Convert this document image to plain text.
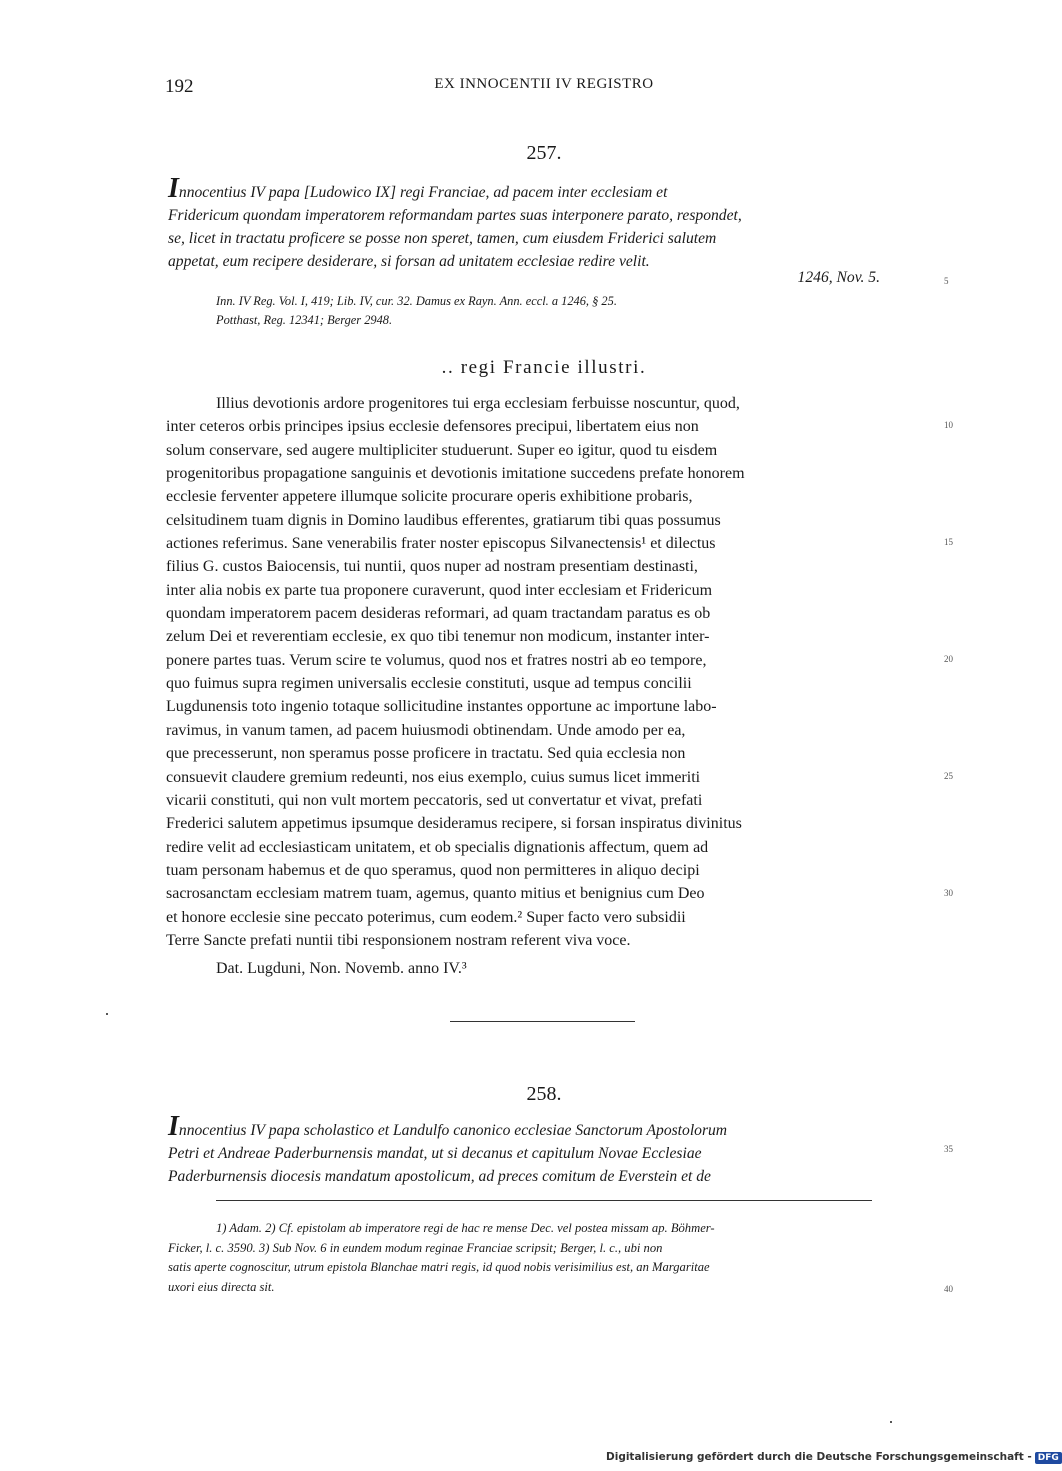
192	EX INNOCENTII IV REGISTRO
257.

Innocentius IV papa [Ludowico IX] regi Franciae, ad pacem inter ecclesiam et

Fridericum quondam imperatorem reformandam partes suas interponere parato, respondet,

se, licet in tractatu proficere se posse non speret, tamen, cum eiusdem Friderici salutem

appetat, eum recipere desiderare, si forsan ad unitatem ecclesiae redire velit.

1246, Nov. 5.

Inn. IV Reg. Vol. I, 419; Lib. IV, cur. 32. Damus ex Rayn. Ann. eccl. a 1246, § 25.

Potthast, Reg. 12341; Berger 2948.

.. regi Francie illustri.

Illius devotionis ardore progenitores tui erga ecclesiam ferbuisse noscuntur, quod,

inter ceteros orbis principes ipsius ecclesie defensores precipui, libertatem eius non

solum conservare, sed augere multipliciter studuerunt. Super eo igitur, quod tu eisdem

progenitoribus propagatione sanguinis et devotionis imitatione succedens prefate honorem

ecclesie ferventer appetere illumque solicite procurare operis exhibitione probaris,

celsitudinem tuam dignis in Domino laudibus efferentes, gratiarum tibi quas possumus

actiones referimus. Sane venerabilis frater noster episcopus Silvanectensis¹ et dilectus

filius G. custos Baiocensis, tui nuntii, quos nuper ad nostram presentiam destinasti,

inter alia nobis ex parte tua proponere curaverunt, quod inter ecclesiam et Fridericum

quondam imperatorem pacem desideras reformari, ad quam tractandam paratus es ob

zelum Dei et reverentiam ecclesie, ex quo tibi tenemur non modicum, instanter inter-

ponere partes tuas. Verum scire te volumus, quod nos et fratres nostri ab eo tempore,

quo fuimus supra regimen universalis ecclesie constituti, usque ad tempus concilii

Lugdunensis toto ingenio totaque sollicitudine instantes opportune ac importune labo-

ravimus, in vanum tamen, ad pacem huiusmodi obtinendam. Unde amodo per ea,

que precesserunt, non speramus posse proficere in tractatu. Sed quia ecclesia non

consuevit claudere gremium redeunti, nos eius exemplo, cuius sumus licet immeriti

vicarii constituti, qui non vult mortem peccatoris, sed ut convertatur et vivat, prefati

Frederici salutem appetimus ipsumque desideramus recipere, si forsan inspiratus divinitus

redire velit ad ecclesiasticam unitatem, et ob specialis dignationis affectum, quem ad

tuam personam habemus et de quo speramus, quod non permitteres in aliquo decipi

sacrosanctam ecclesiam matrem tuam, agemus, quanto mitius et benignius cum Deo

et honore ecclesie sine peccato poterimus, cum eodem.² Super facto vero subsidii

Terre Sancte prefati nuntii tibi responsionem nostram referent viva voce.

Dat. Lugduni, Non. Novemb. anno IV.³
258.

Innocentius IV papa scholastico et Landulfo canonico ecclesiae Sanctorum Apostolorum

Petri et Andreae Paderburnensis mandat, ut si decanus et capitulum Novae Ecclesiae

Paderburnensis diocesis mandatum apostolicum, ad preces comitum de Everstein et de

1) Adam. 2) Cf. epistolam ab imperatore regi de hac re mense Dec. vel postea missam ap. Böhmer-

Ficker, l. c. 3590. 3) Sub Nov. 6 in eundem modum reginae Franciae scripsit; Berger, l. c., ubi non

satis aperte cognoscitur, utrum epistola Blanchae matri regis, id quod nobis verisimilius est, an Margaritae

uxori eius directa sit.

5
10
15
20
25
30
35
40
Digitalisierung gefördert durch die Deutsche Forschungsgemeinschaft - DFG
